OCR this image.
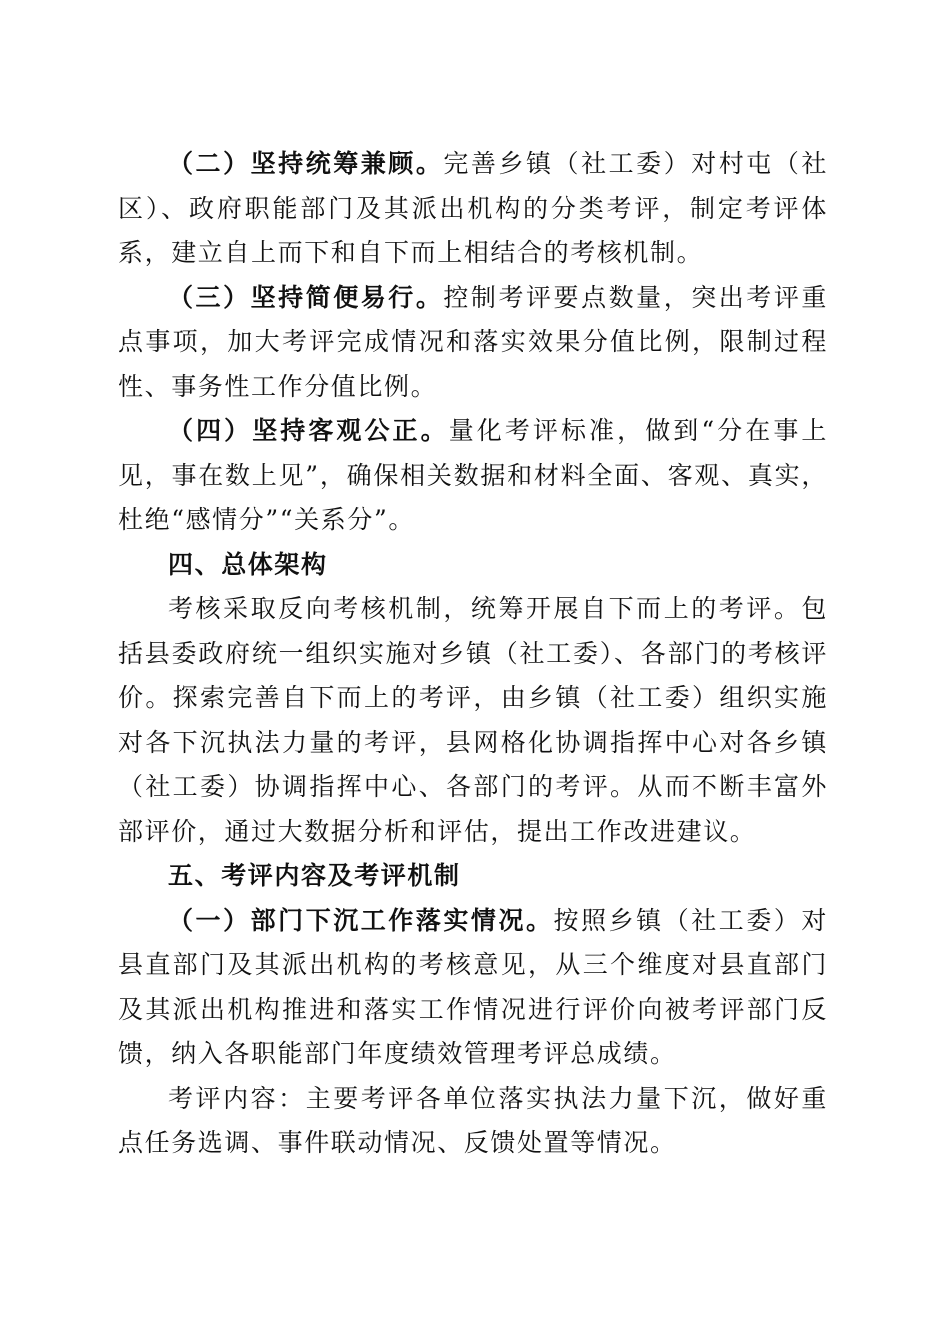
（二）坚持统筹兼顾。完善乡镇（社工委）对村屯（社区）、政府职能部门及其派出机构的分类考评，制定考评体系，建立自上而下和自下而上相结合的考核机制。

（三）坚持简便易行。控制考评要点数量，突出考评重点事项，加大考评完成情况和落实效果分值比例，限制过程性、事务性工作分值比例。

（四）坚持客观公正。量化考评标准，做到“分在事上见，事在数上见”，确保相关数据和材料全面、客观、真实，杜绝“感情分”“关系分”。

四、总体架构

考核采取反向考核机制，统筹开展自下而上的考评。包括县委政府统一组织实施对乡镇（社工委）、各部门的考核评价。探索完善自下而上的考评，由乡镇（社工委）组织实施对各下沉执法力量的考评，县网格化协调指挥中心对各乡镇（社工委）协调指挥中心、各部门的考评。从而不断丰富外部评价，通过大数据分析和评估，提出工作改进建议。

五、考评内容及考评机制

（一）部门下沉工作落实情况。按照乡镇（社工委）对县直部门及其派出机构的考核意见，从三个维度对县直部门及其派出机构推进和落实工作情况进行评价向被考评部门反馈，纳入各职能部门年度绩效管理考评总成绩。

考评内容：主要考评各单位落实执法力量下沉，做好重点任务选调、事件联动情况、反馈处置等情况。
